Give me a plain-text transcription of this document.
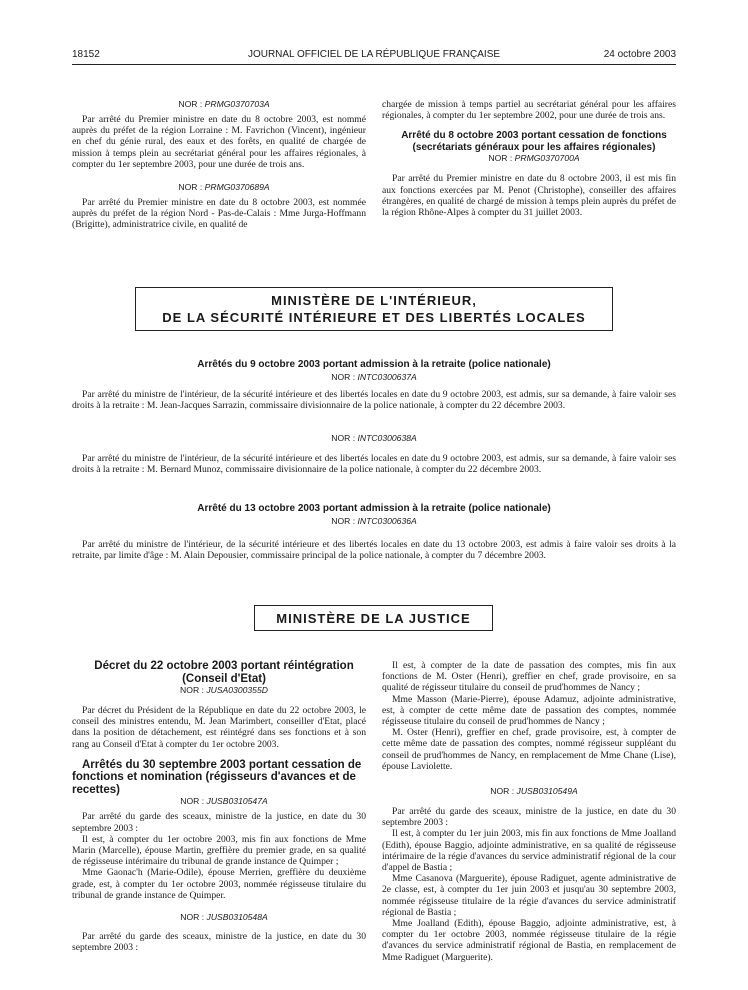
18152	JOURNAL OFFICIEL DE LA RÉPUBLIQUE FRANÇAISE	24 octobre 2003

NOR : PRMG0370703A

Par arrêté du Premier ministre en date du 8 octobre 2003, est nommé auprès du préfet de la région Lorraine : M. Favrichon (Vincent), ingénieur en chef du génie rural, des eaux et des forêts, en qualité de chargée de mission à temps plein au secrétariat général pour les affaires régionales, à compter du 1er septembre 2003, pour une durée de trois ans.

NOR : PRMG0370689A

Par arrêté du Premier ministre en date du 8 octobre 2003, est nommée auprès du préfet de la région Nord - Pas-de-Calais : Mme Jurga-Hoffmann (Brigitte), administratrice civile, en qualité de

chargée de mission à temps partiel au secrétariat général pour les affaires régionales, à compter du 1er septembre 2002, pour une durée de trois ans.

Arrêté du 8 octobre 2003 portant cessation de fonctions

(secrétariats généraux pour les affaires régionales)

NOR : PRMG0370700A

Par arrêté du Premier ministre en date du 8 octobre 2003, il est mis fin aux fonctions exercées par M. Penot (Christophe), conseiller des affaires étrangères, en qualité de chargé de mission à temps plein auprès du préfet de la région Rhône-Alpes à compter du 31 juillet 2003.

MINISTÈRE DE L'INTÉRIEUR,
DE LA SÉCURITÉ INTÉRIEURE ET DES LIBERTÉS LOCALES

Arrêtés du 9 octobre 2003 portant admission à la retraite (police nationale)

NOR : INTC0300637A

Par arrêté du ministre de l'intérieur, de la sécurité intérieure et des libertés locales en date du 9 octobre 2003, est admis, sur sa demande, à faire valoir ses droits à la retraite : M. Jean-Jacques Sarrazin, commissaire divisionnaire de la police nationale, à compter du 22 décembre 2003.

NOR : INTC0300638A

Par arrêté du ministre de l'intérieur, de la sécurité intérieure et des libertés locales en date du 9 octobre 2003, est admis, sur sa demande, à faire valoir ses droits à la retraite : M. Bernard Munoz, commissaire divisionnaire de la police nationale, à compter du 22 décembre 2003.

Arrêté du 13 octobre 2003 portant admission à la retraite (police nationale)

NOR : INTC0300636A

Par arrêté du ministre de l'intérieur, de la sécurité intérieure et des libertés locales en date du 13 octobre 2003, est admis à faire valoir ses droits à la retraite, par limite d'âge : M. Alain Depousier, commissaire principal de la police nationale, à compter du 7 décembre 2003.

MINISTÈRE DE LA JUSTICE

Décret du 22 octobre 2003 portant réintégration

(Conseil d'Etat)

NOR : JUSA0300355D

Par décret du Président de la République en date du 22 octobre 2003, le conseil des ministres entendu, M. Jean Marimbert, conseiller d'Etat, placé dans la position de détachement, est réintégré dans ses fonctions et à son rang au Conseil d'Etat à compter du 1er octobre 2003.

Arrêtés du 30 septembre 2003 portant cessation de fonctions et nomination (régisseurs d'avances et de recettes)

NOR : JUSB0310547A

Par arrêté du garde des sceaux, ministre de la justice, en date du 30 septembre 2003 :

Il est, à compter du 1er octobre 2003, mis fin aux fonctions de Mme Marin (Marcelle), épouse Martin, greffière du premier grade, en sa qualité de régisseuse intérimaire du tribunal de grande instance de Quimper ;

Mme Gaonac'h (Marie-Odile), épouse Merrien, greffière du deuxième grade, est, à compter du 1er octobre 2003, nommée régisseuse titulaire du tribunal de grande instance de Quimper.

NOR : JUSB0310548A

Par arrêté du garde des sceaux, ministre de la justice, en date du 30 septembre 2003 :

Il est, à compter de la date de passation des comptes, mis fin aux fonctions de M. Oster (Henri), greffier en chef, grade provisoire, en sa qualité de régisseur titulaire du conseil de prud'hommes de Nancy ;

Mme Masson (Marie-Pierre), épouse Adamuz, adjointe administrative, est, à compter de cette même date de passation des comptes, nommée régisseuse titulaire du conseil de prud'hommes de Nancy ;

M. Oster (Henri), greffier en chef, grade provisoire, est, à compter de cette même date de passation des comptes, nommé régisseur suppléant du conseil de prud'hommes de Nancy, en remplacement de Mme Chane (Lise), épouse Laviolette.

NOR : JUSB0310549A

Par arrêté du garde des sceaux, ministre de la justice, en date du 30 septembre 2003 :

Il est, à compter du 1er juin 2003, mis fin aux fonctions de Mme Joalland (Edith), épouse Baggio, adjointe administrative, en sa qualité de régisseuse intérimaire de la régie d'avances du service administratif régional de la cour d'appel de Bastia ;

Mme Casanova (Marguerite), épouse Radiguet, agente administrative de 2e classe, est, à compter du 1er juin 2003 et jusqu'au 30 septembre 2003, nommée régisseuse titulaire de la régie d'avances du service administratif régional de Bastia ;

Mme Joalland (Edith), épouse Baggio, adjointe administrative, est, à compter du 1er octobre 2003, nommée régisseuse titulaire de la régie d'avances du service administratif régional de Bastia, en remplacement de Mme Radiguet (Marguerite).
